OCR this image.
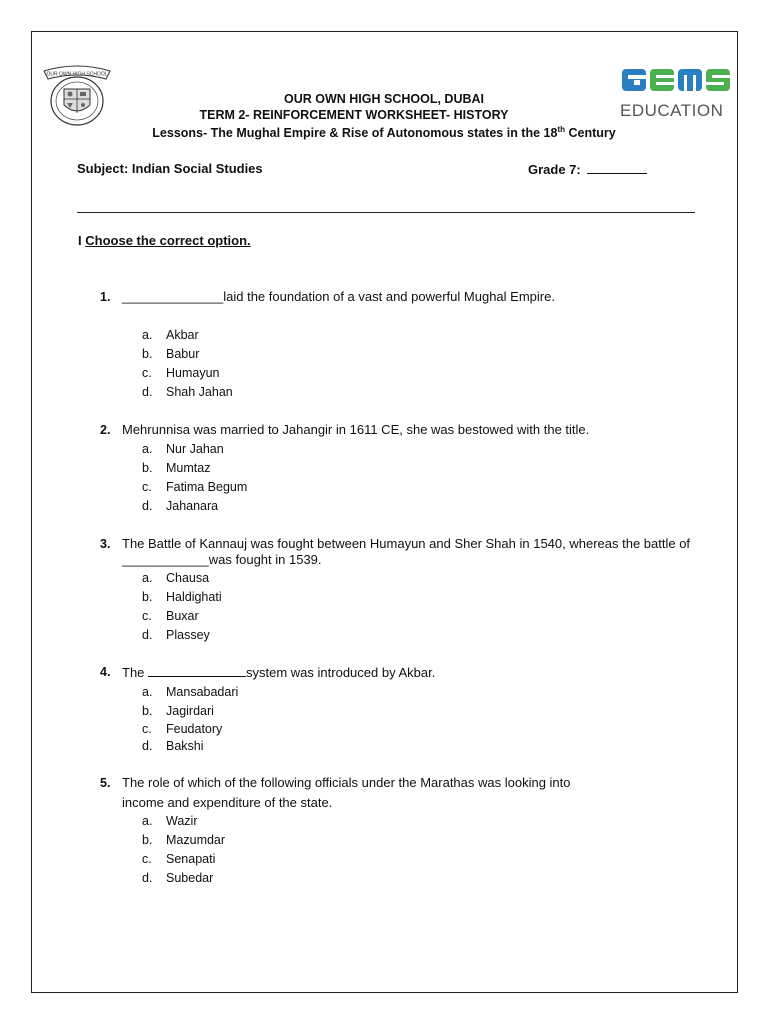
OUR OWN HIGH SCHOOL
EDUCATION
OUR OWN HIGH SCHOOL, DUBAI
TERM 2- REINFORCEMENT WORKSHEET- HISTORY
Lessons- The Mughal Empire & Rise of Autonomous states in the 18th Century
Subject: Indian Social Studies	Grade 7:
I Choose the correct option.
1. ______________laid the foundation of a vast and powerful Mughal Empire.
a. Akbar
b. Babur
c. Humayun
d. Shah Jahan
2. Mehrunnisa was married to Jahangir in 1611 CE, she was bestowed with the title.
a. Nur Jahan
b. Mumtaz
c. Fatima Begum
d. Jahanara
3. The Battle of Kannauj was fought between Humayun and Sher Shah in 1540, whereas the battle of
____________was fought in 1539.
a. Chausa
b. Haldighati
c. Buxar
d. Plassey
4. The	system was introduced by Akbar.
a. Mansabadari
b. Jagirdari
c. Feudatory
d. Bakshi
5. The role of which of the following officials under the Marathas was looking into
income and expenditure of the state.
a. Wazir
b. Mazumdar
c. Senapati
d. Subedar
